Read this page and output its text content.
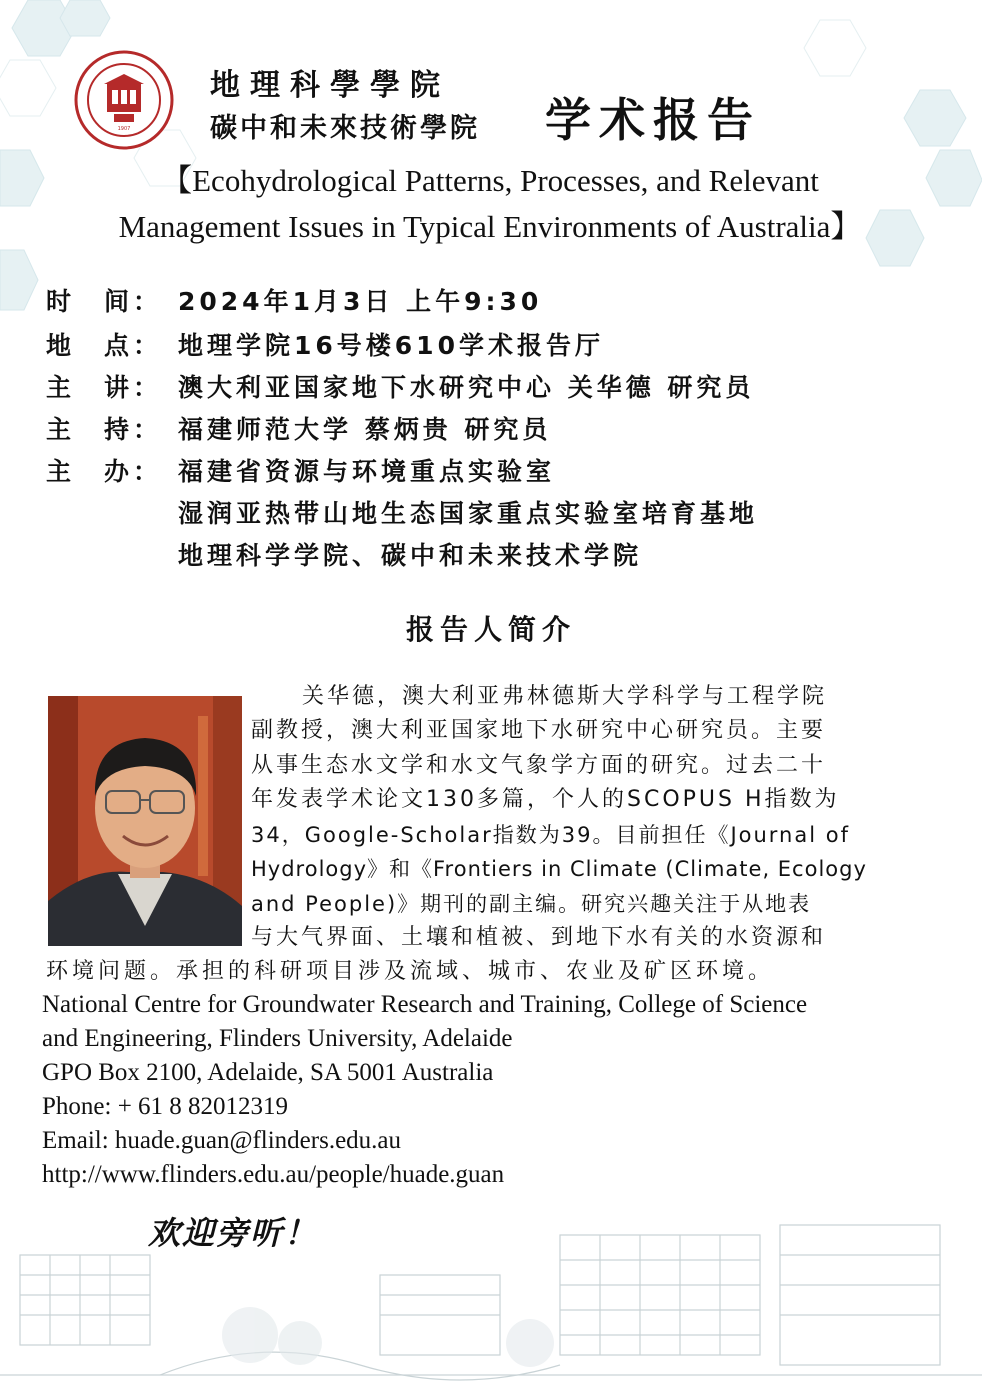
1907
地理科學學院
碳中和未來技術學院 学术报告
【Ecohydrological Patterns, Processes, and Relevant
Management Issues in Typical Environments of Australia】
时　间： 2024年1月3日 上午9:30
地　点： 地理学院16号楼610学术报告厅
主　讲： 澳大利亚国家地下水研究中心 关华德 研究员
主　持： 福建师范大学 蔡炳贵 研究员
主　办： 福建省资源与环境重点实验室
湿润亚热带山地生态国家重点实验室培育基地
地理科学学院、碳中和未来技术学院
报告人简介
关华德，澳大利亚弗林德斯大学科学与工程学院
副教授，澳大利亚国家地下水研究中心研究员。主要
从事生态水文学和水文气象学方面的研究。过去二十
年发表学术论文130多篇，个人的SCOPUS H指数为
34，Google-Scholar指数为39。目前担任《Journal of
Hydrology》和《Frontiers in Climate (Climate, Ecology
and People)》期刊的副主编。研究兴趣关注于从地表
与大气界面、土壤和植被、到地下水有关的水资源和
环境问题。承担的科研项目涉及流域、城市、农业及矿区环境。
National Centre for Groundwater Research and Training, College of Science
and Engineering, Flinders University, Adelaide
GPO Box 2100, Adelaide, SA 5001 Australia
Phone: + 61 8 82012319
Email: huade.guan@flinders.edu.au
http://www.flinders.edu.au/people/huade.guan
欢迎旁听！
